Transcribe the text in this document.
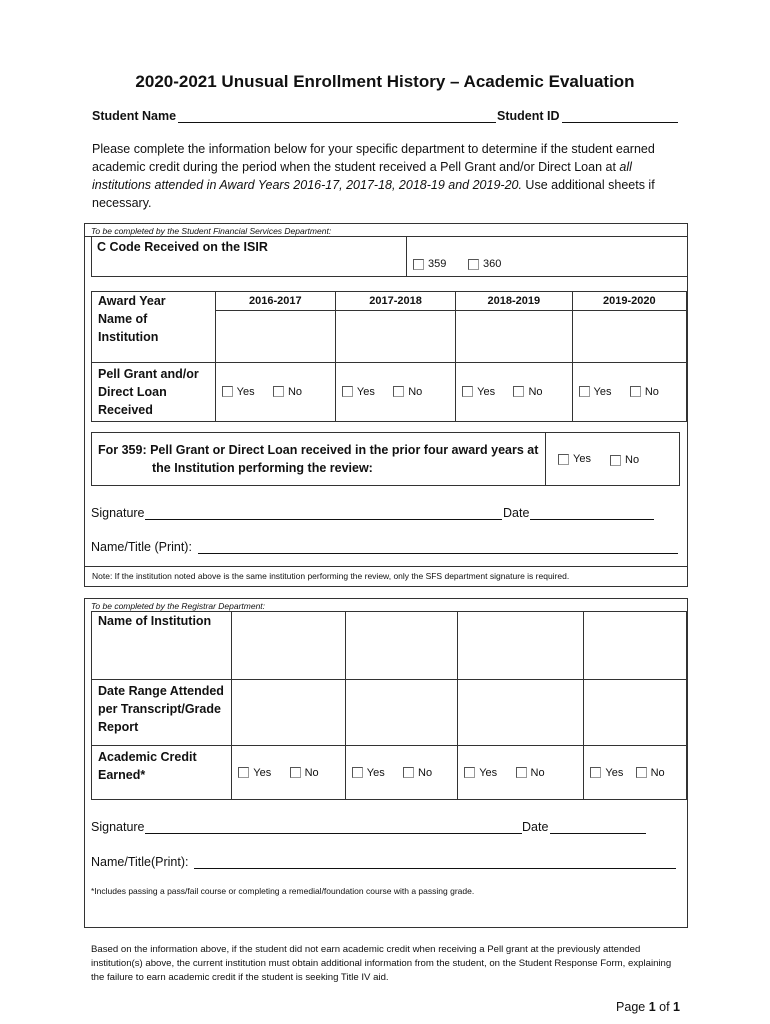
2020-2021 Unusual Enrollment History – Academic Evaluation
Student Name	Student ID
Please complete the information below for your specific department to determine if the student earned academic credit during the period when the student received a Pell Grant and/or Direct Loan at all institutions attended in Award Years 2016-17, 2017-18, 2018-19 and 2019-20. Use additional sheets if necessary.
To be completed by the Student Financial Services Department:
C Code Received on the ISIR
359	360
Award Year	2016-2017	2017-2018	2018-2019	2019-2020
Name of Institution				
Pell Grant and/or Direct Loan Received	Yes No	Yes No	Yes No	Yes No
For 359: Pell Grant or Direct Loan received in the prior four award years at
the Institution performing the review:
Yes	No
Signature	Date
Name/Title (Print):
Note: If the institution noted above is the same institution performing the review, only the SFS department signature is required.
To be completed by the Registrar Department:
Name of Institution				
Date Range Attended per Transcript/Grade Report				
Academic Credit Earned*	Yes No	Yes No	Yes No	Yes No
Signature	Date
Name/Title(Print):
*Includes passing a pass/fail course or completing a remedial/foundation course with a passing grade.
Based on the information above, if the student did not earn academic credit when receiving a Pell grant at the previously attended institution(s) above, the current institution must obtain additional information from the student, on the Student Response Form, explaining the failure to earn academic credit if the student is seeking Title IV aid.
Page 1 of 1
